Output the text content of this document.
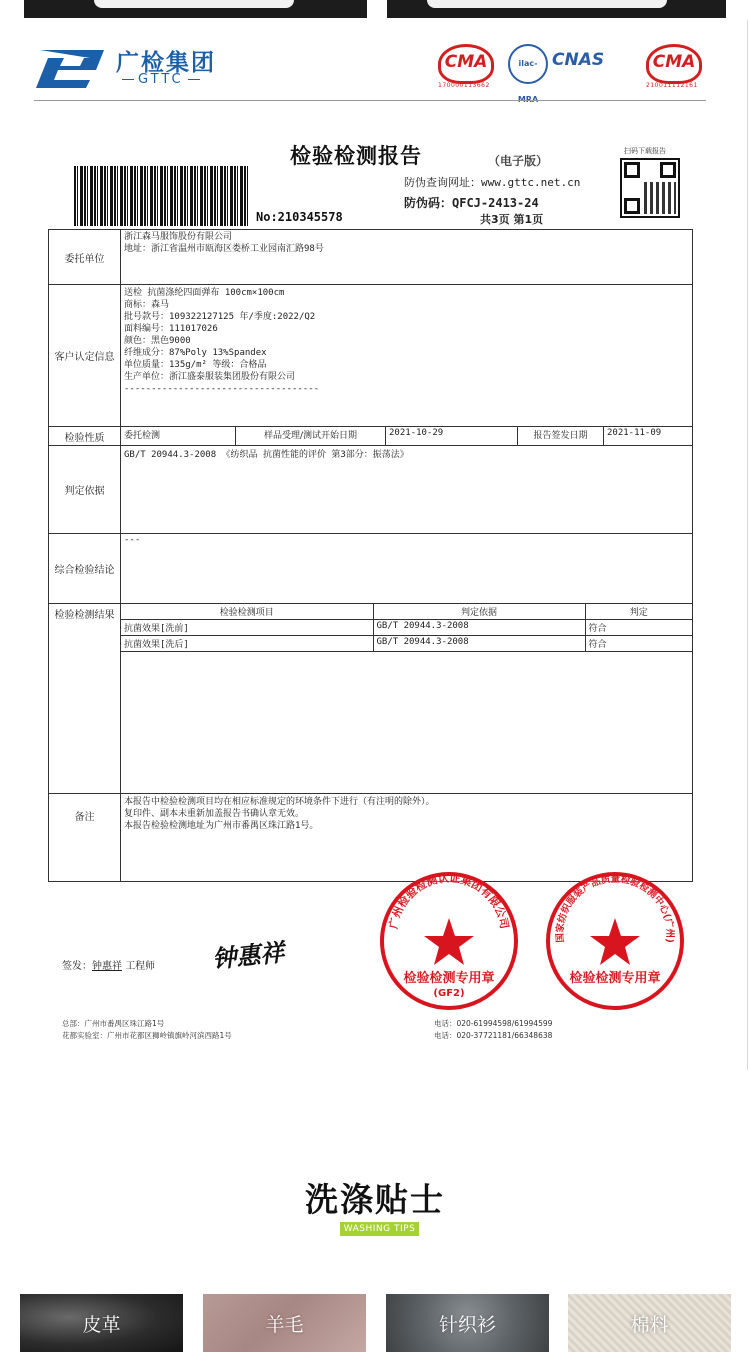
广检集团
GTTC
CMA
170000113662
ilac- CNAS	CMA
210011112161
检验检测报告	（电子版）
防伪查询网址：www.gttc.net.cn
防伪码：QFCJ-2413-24
共3页 第1页
扫码下载报告
No:210345578
委托单位	
浙江森马服饰股份有限公司
地址：浙江省温州市瓯海区娄桥工业园南汇路98号

客户认定信息	
送检 抗菌涤纶四面弹布 100cm×100cm
商标：森马
批号款号：109322127125 年/季度:2022/Q2
面料编号：111017026
颜色：黑色9000
纤维成分：87%Poly 13%Spandex
单位质量：135g/m² 等级：合格品
生产单位：浙江盛泰服装集团股份有限公司
------------------------------------

检验性质	委托检测	样品受理/测试开始日期	2021-10-29	报告签发日期	2021-11-09
判定依据	GB/T 20944.3-2008 《纺织品 抗菌性能的评价 第3部分：振荡法》
综合检验结论	---
检验检测结果		检验检测项目	判定依据	判定
抗菌效果[洗前]	GB/T 20944.3-2008	符合
抗菌效果[洗后]	GB/T 20944.3-2008	符合

备注	
本报告中检验检测项目均在相应标准规定的环境条件下进行（有注明的除外）。
复印件、副本未重新加盖报告书确认章无效。
本报告检验检测地址为广州市番禺区珠江路1号。
签发：钟惠祥 工程师 钟惠祥
广州检验检测认证集团有限公司
检验检测专用章
(GF2)
国家纺织服装产品质量检验检测中心(广州)
检验检测专用章
总部：广州市番禺区珠江路1号
花都实验室：广州市花都区狮岭镇旗岭河滨西路1号
电话：020-61994598/61994599
电话：020-37721181/66348638
洗涤贴士
WASHING TIPS
皮革	羊毛	针织衫	棉料
